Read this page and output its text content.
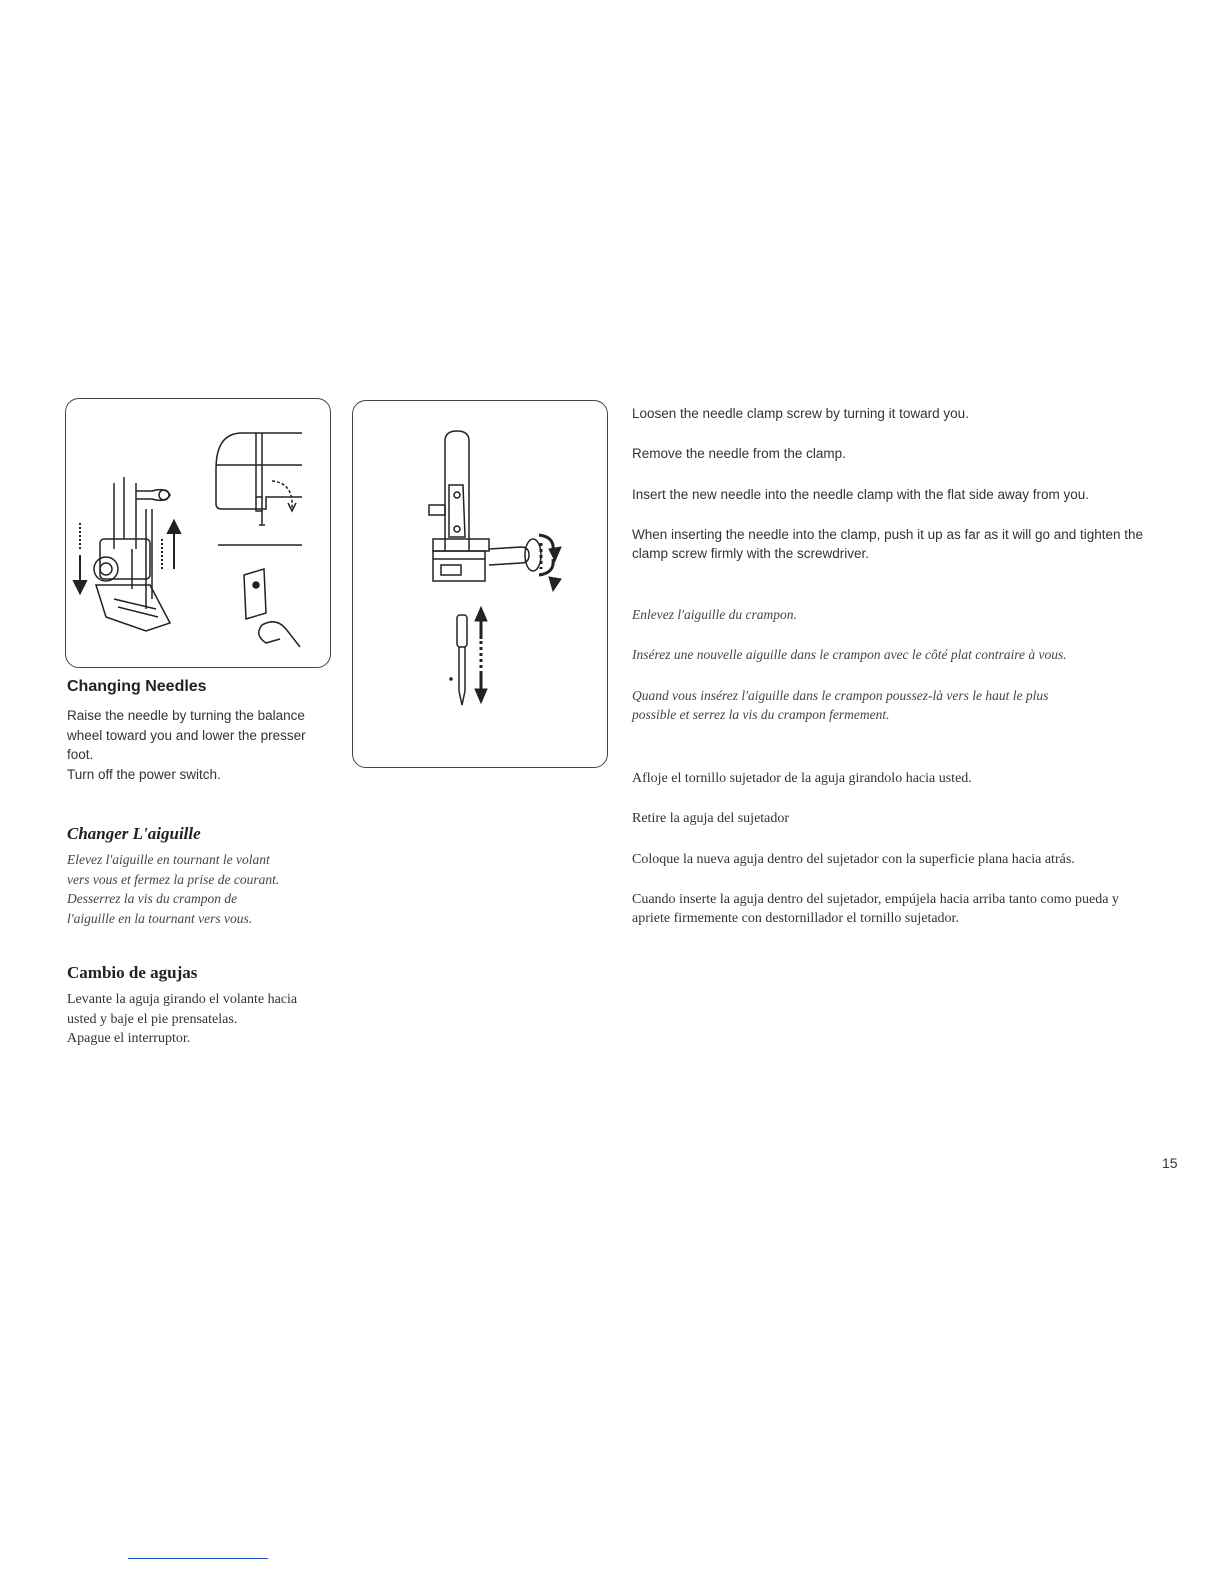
Changing Needles

Raise the needle by turning the balance

wheel toward you and lower the presser

foot.

Turn off the power switch.

Changer L'aiguille

Elevez l'aiguille en tournant le volant

vers vous et fermez la prise de courant.

Desserrez la vis du crampon de

l'aiguille en la tournant vers vous.

Cambio de agujas

Levante la aguja girando el volante hacia

usted y baje el pie prensatelas.

Apague el interruptor.

Loosen the needle clamp screw by turning it toward you.

Remove the needle from the clamp.

Insert the new needle into the needle clamp with the flat side away from you.

When inserting the needle into the clamp, push it up as far as it will go and tighten the

clamp screw firmly with the screwdriver.

Enlevez l'aiguille du crampon.

Insérez une nouvelle aiguille dans le crampon avec le côté plat contraire à vous.

Quand vous insérez l'aiguille dans le crampon poussez-là vers le haut le plus

possible et serrez la vis du crampon fermement.

Afloje el tornillo sujetador de la aguja girandolo hacia usted.

Retire la aguja del sujetador

Coloque la nueva aguja dentro del sujetador con la superficie plana hacia atrás.

Cuando inserte la aguja dentro del sujetador, empújela hacia arriba tanto como pueda y

apriete firmemente con destornillador el tornillo sujetador.

15
